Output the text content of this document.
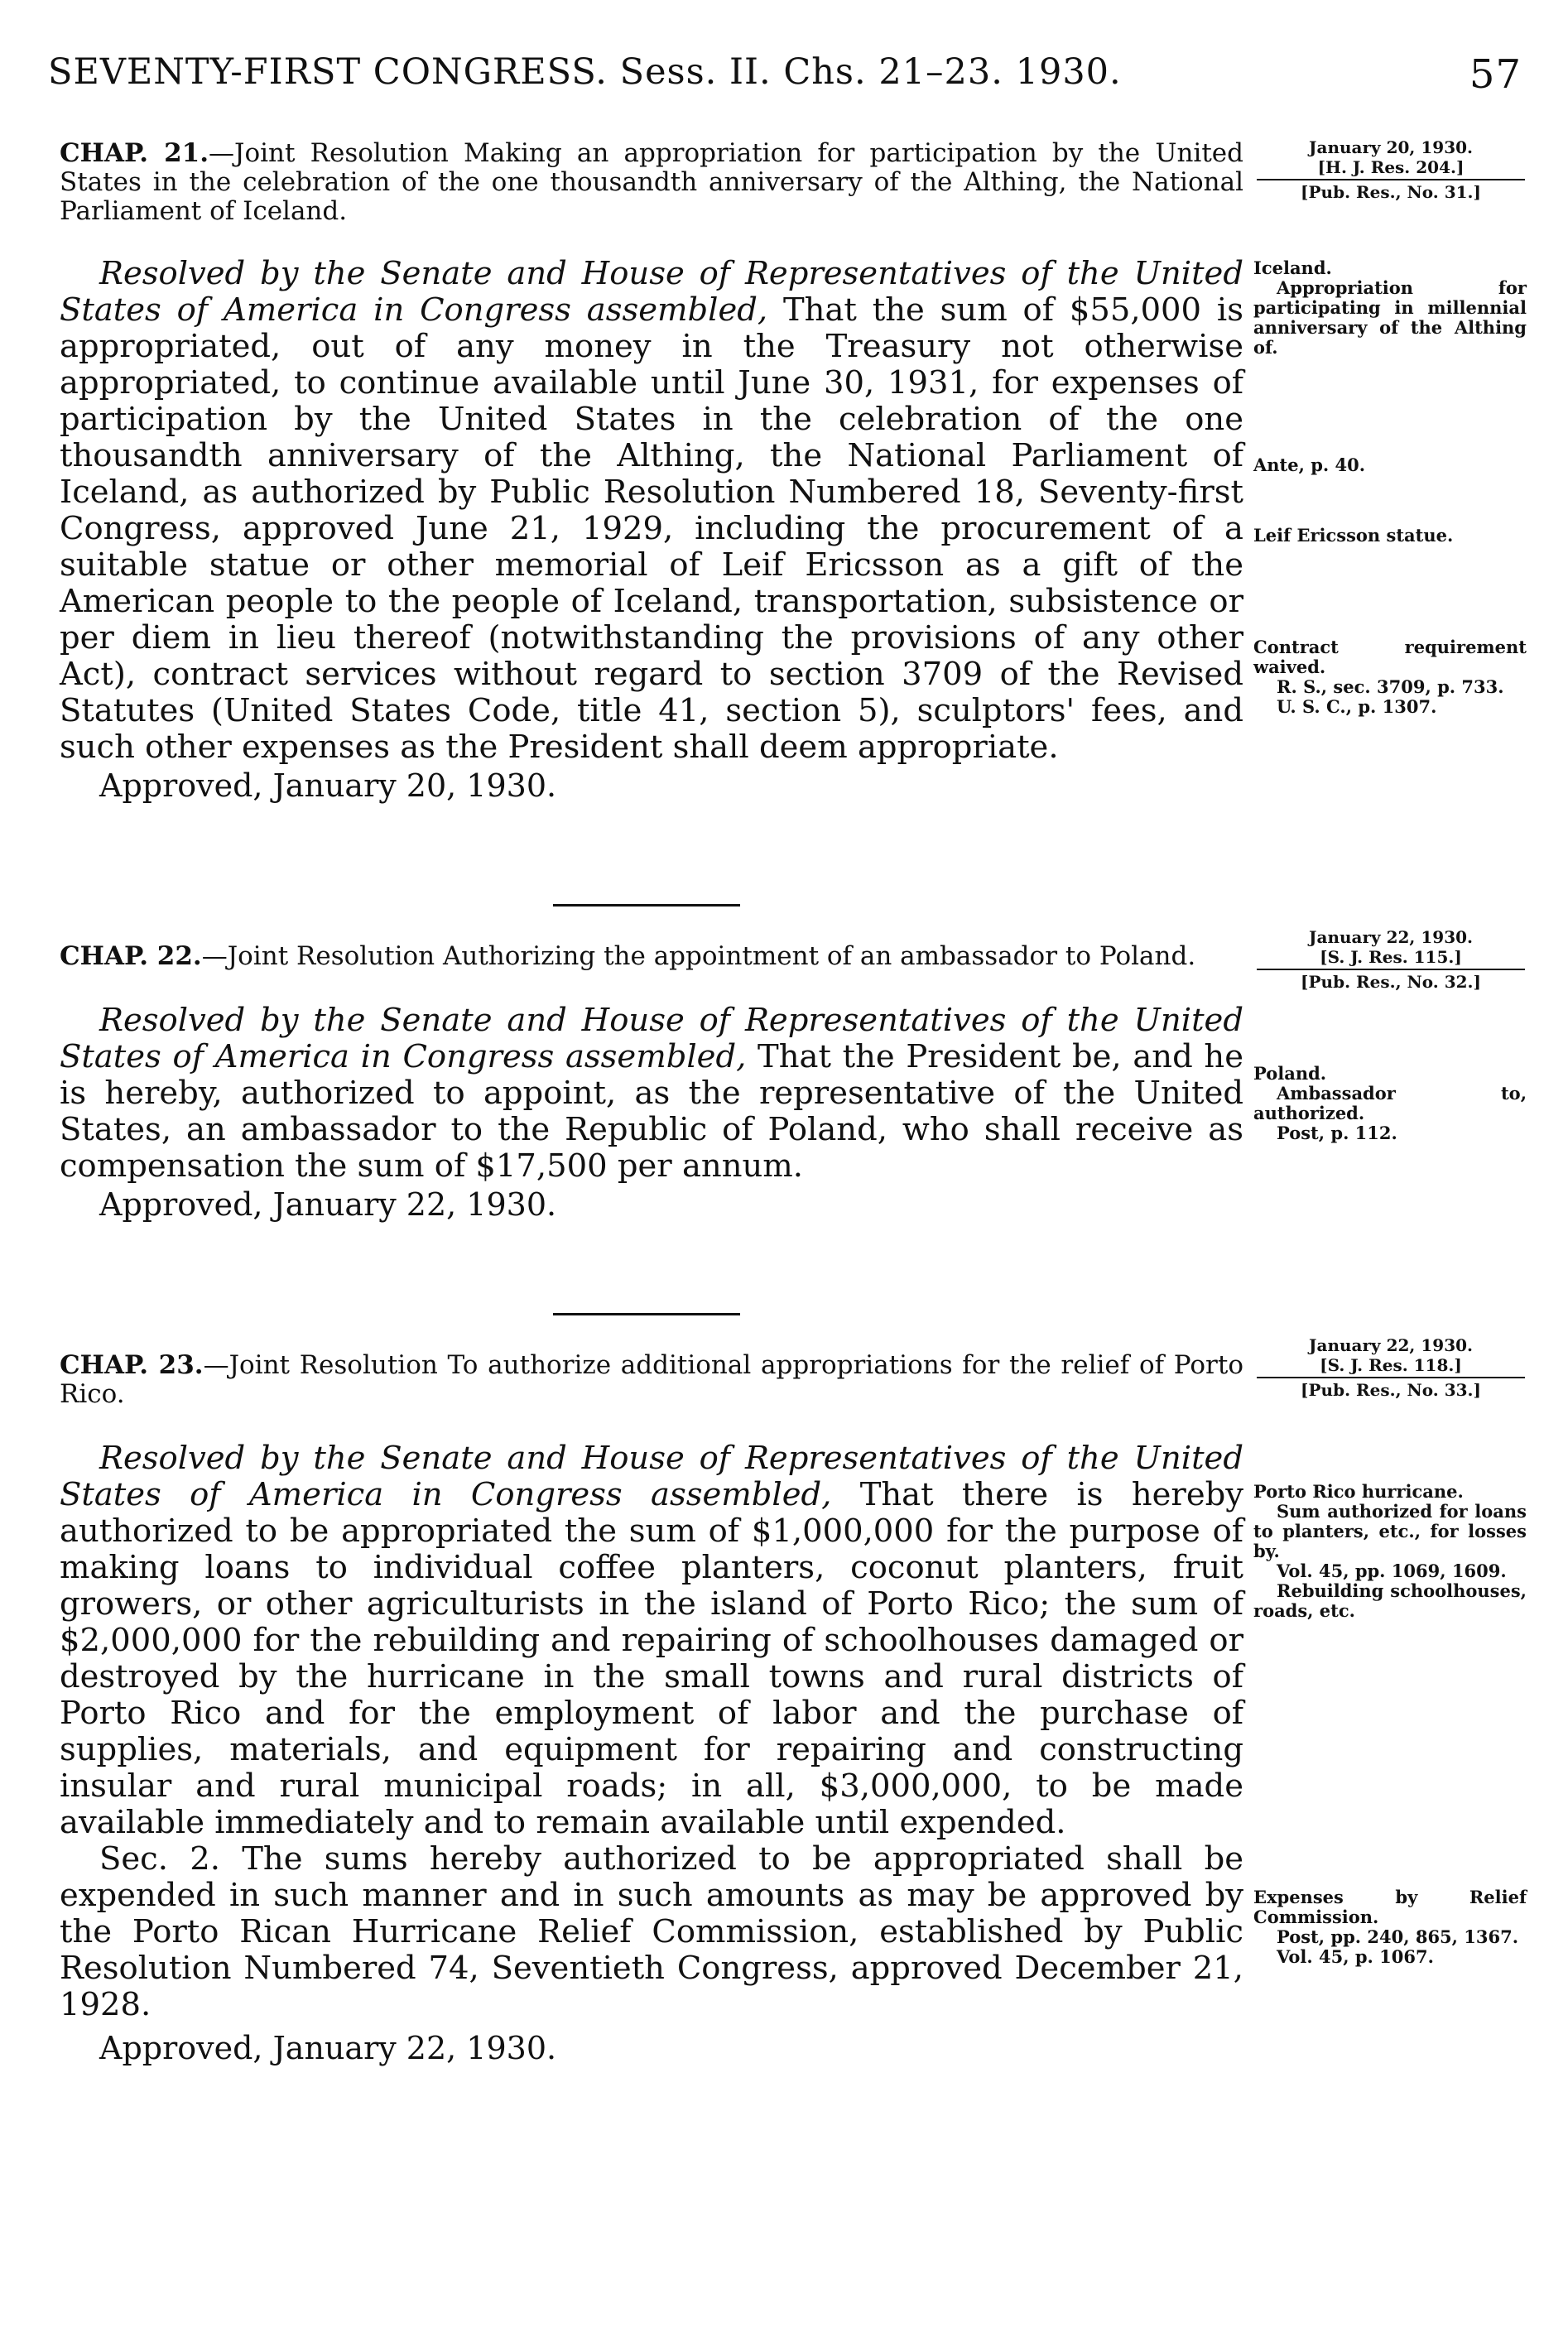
SEVENTY-FIRST CONGRESS. Sess. II. Chs. 21–23. 1930.	57
CHAP. 21.—Joint Resolution Making an appropriation for participation by the United States in the celebration of the one thousandth anniversary of the Althing, the National Parliament of Iceland.
Resolved by the Senate and House of Representatives of the United States of America in Congress assembled, That the sum of $55,000 is appropriated, out of any money in the Treasury not otherwise appropriated, to continue available until June 30, 1931, for expenses of participation by the United States in the celebration of the one thousandth anniversary of the Althing, the National Parliament of Iceland, as authorized by Public Resolution Numbered 18, Seventy-first Congress, approved June 21, 1929, including the procurement of a suitable statue or other memorial of Leif Ericsson as a gift of the American people to the people of Iceland, transportation, subsistence or per diem in lieu thereof (notwithstanding the provisions of any other Act), contract services without regard to section 3709 of the Revised Statutes (United States Code, title 41, section 5), sculptors' fees, and such other expenses as the President shall deem appropriate.
Approved, January 20, 1930.
January 20, 1930.
[H. J. Res. 204.]
[Pub. Res., No. 31.]
Iceland.
Appropriation for participating in millennial anniversary of the Althing of.
Ante, p. 40.
Leif Ericsson statue.
Contract requirement waived.
R. S., sec. 3709, p. 733.
U. S. C., p. 1307.
CHAP. 22.—Joint Resolution Authorizing the appointment of an ambassador to Poland.
Resolved by the Senate and House of Representatives of the United States of America in Congress assembled, That the President be, and he is hereby, authorized to appoint, as the representative of the United States, an ambassador to the Republic of Poland, who shall receive as compensation the sum of $17,500 per annum.
Approved, January 22, 1930.
January 22, 1930.
[S. J. Res. 115.]
[Pub. Res., No. 32.]
Poland.
Ambassador to, authorized.
Post, p. 112.
CHAP. 23.—Joint Resolution To authorize additional appropriations for the relief of Porto Rico.
Resolved by the Senate and House of Representatives of the United States of America in Congress assembled, That there is hereby authorized to be appropriated the sum of $1,000,000 for the purpose of making loans to individual coffee planters, coconut planters, fruit growers, or other agriculturists in the island of Porto Rico; the sum of $2,000,000 for the rebuilding and repairing of schoolhouses damaged or destroyed by the hurricane in the small towns and rural districts of Porto Rico and for the employment of labor and the purchase of supplies, materials, and equipment for repairing and constructing insular and rural municipal roads; in all, $3,000,000, to be made available immediately and to remain available until expended.
Sec. 2. The sums hereby authorized to be appropriated shall be expended in such manner and in such amounts as may be approved by the Porto Rican Hurricane Relief Commission, established by Public Resolution Numbered 74, Seventieth Congress, approved December 21, 1928.
Approved, January 22, 1930.
January 22, 1930.
[S. J. Res. 118.]
[Pub. Res., No. 33.]
Porto Rico hurricane.
Sum authorized for loans to planters, etc., for losses by.
Vol. 45, pp. 1069, 1609.
Rebuilding schoolhouses, roads, etc.
Expenses by Relief Commission.
Post, pp. 240, 865, 1367.
Vol. 45, p. 1067.
